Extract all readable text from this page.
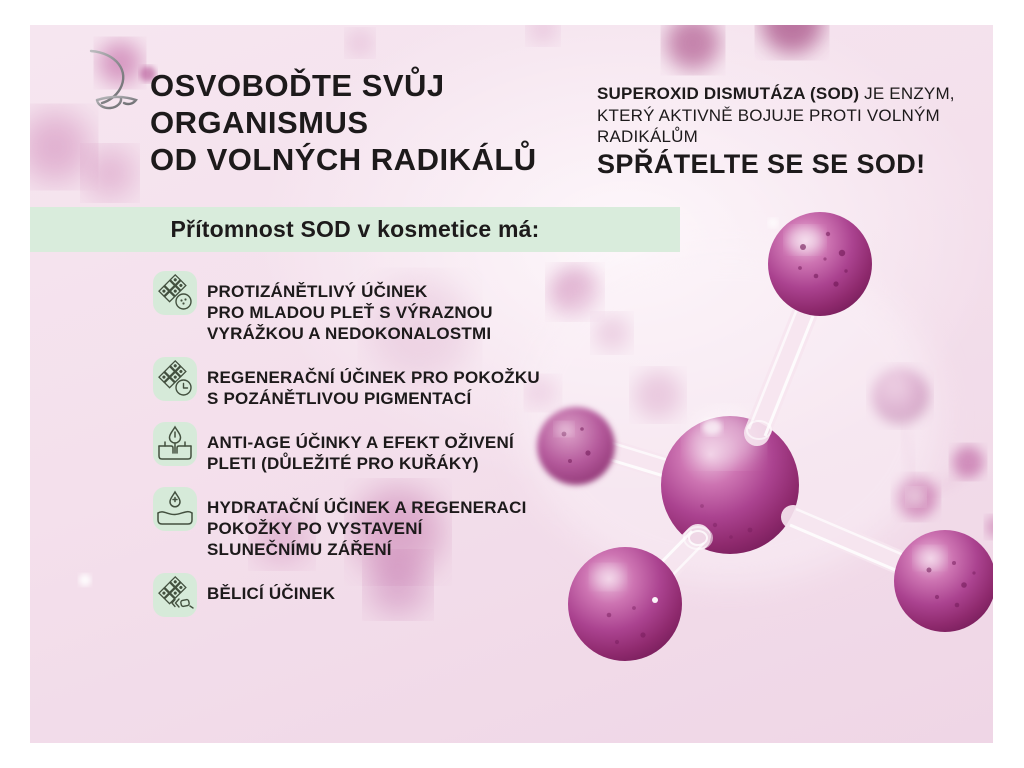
OSVOBOĎTE SVŮJ
ORGANISMUS
OD VOLNÝCH RADIKÁLŮ
SUPEROXID DISMUTÁZA (SOD) JE ENZYM,
KTERÝ AKTIVNĚ BOJUJE PROTI VOLNÝM
RADIKÁLŮM
SPŘÁTELTE SE SE SOD!
Přítomnost SOD v kosmetice má:
PROTIZÁNĚTLIVÝ ÚČINEK
PRO MLADOU PLEŤ S VÝRAZNOU
VYRÁŽKOU A NEDOKONALOSTMI
REGENERAČNÍ ÚČINEK PRO POKOŽKU
S POZÁNĚTLIVOU PIGMENTACÍ
ANTI-AGE ÚČINKY A EFEKT OŽIVENÍ
PLETI (DŮLEŽITÉ PRO KUŘÁKY)
HYDRATAČNÍ ÚČINEK A REGENERACI
POKOŽKY PO VYSTAVENÍ
SLUNEČNÍMU ZÁŘENÍ
BĚLICÍ ÚČINEK
